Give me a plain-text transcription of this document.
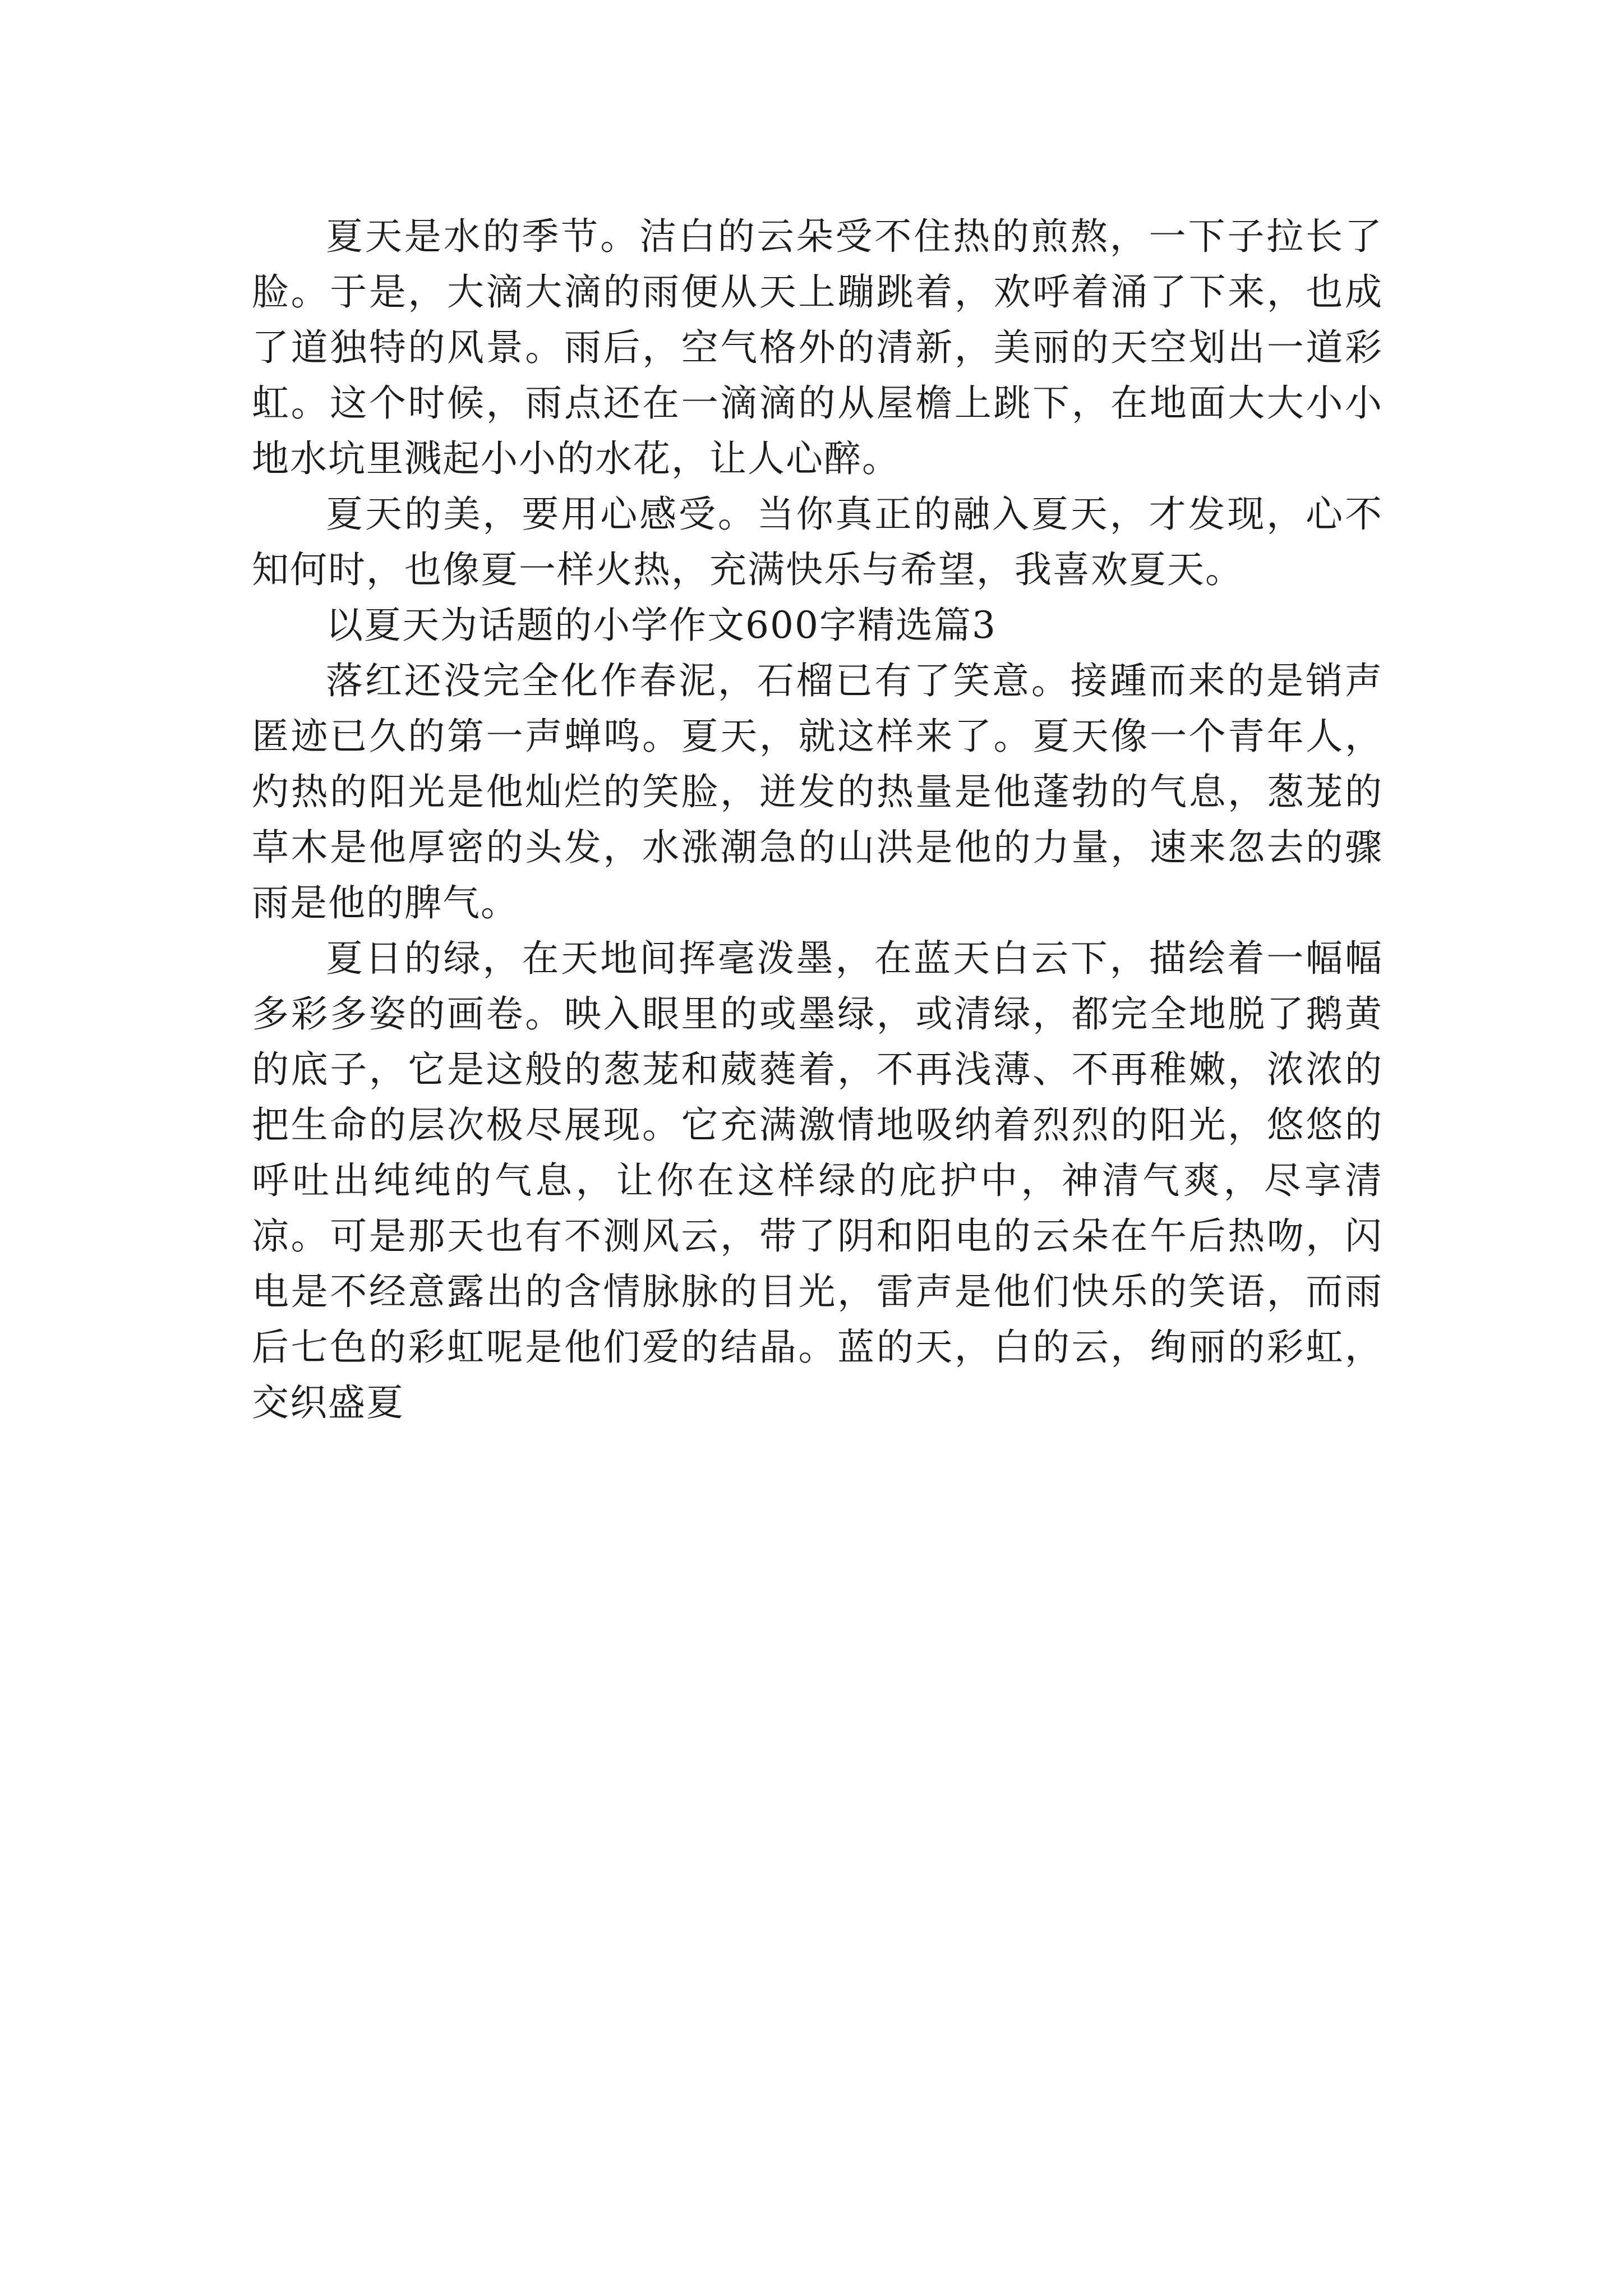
夏天是水的季节。洁白的云朵受不住热的煎熬，一下子拉长了脸。于是，大滴大滴的雨便从天上蹦跳着，欢呼着涌了下来，也成了道独特的风景。雨后，空气格外的清新，美丽的天空划出一道彩虹。这个时候，雨点还在一滴滴的从屋檐上跳下，在地面大大小小地水坑里溅起小小的水花，让人心醉。

夏天的美，要用心感受。当你真正的融入夏天，才发现，心不知何时，也像夏一样火热，充满快乐与希望，我喜欢夏天。

以夏天为话题的小学作文600字精选篇3

落红还没完全化作春泥，石榴已有了笑意。接踵而来的是销声匿迹已久的第一声蝉鸣。夏天，就这样来了。夏天像一个青年人，灼热的阳光是他灿烂的笑脸，迸发的热量是他蓬勃的气息，葱茏的草木是他厚密的头发，水涨潮急的山洪是他的力量，速来忽去的骤雨是他的脾气。

夏日的绿，在天地间挥毫泼墨，在蓝天白云下，描绘着一幅幅多彩多姿的画卷。映入眼里的或墨绿，或清绿，都完全地脱了鹅黄的底子，它是这般的葱茏和葳蕤着，不再浅薄、不再稚嫩，浓浓的把生命的层次极尽展现。它充满激情地吸纳着烈烈的阳光，悠悠的呼吐出纯纯的气息，让你在这样绿的庇护中，神清气爽，尽享清凉。可是那天也有不测风云，带了阴和阳电的云朵在午后热吻，闪电是不经意露出的含情脉脉的目光，雷声是他们快乐的笑语，而雨后七色的彩虹呢是他们爱的结晶。蓝的天，白的云，绚丽的彩虹，交织盛夏
